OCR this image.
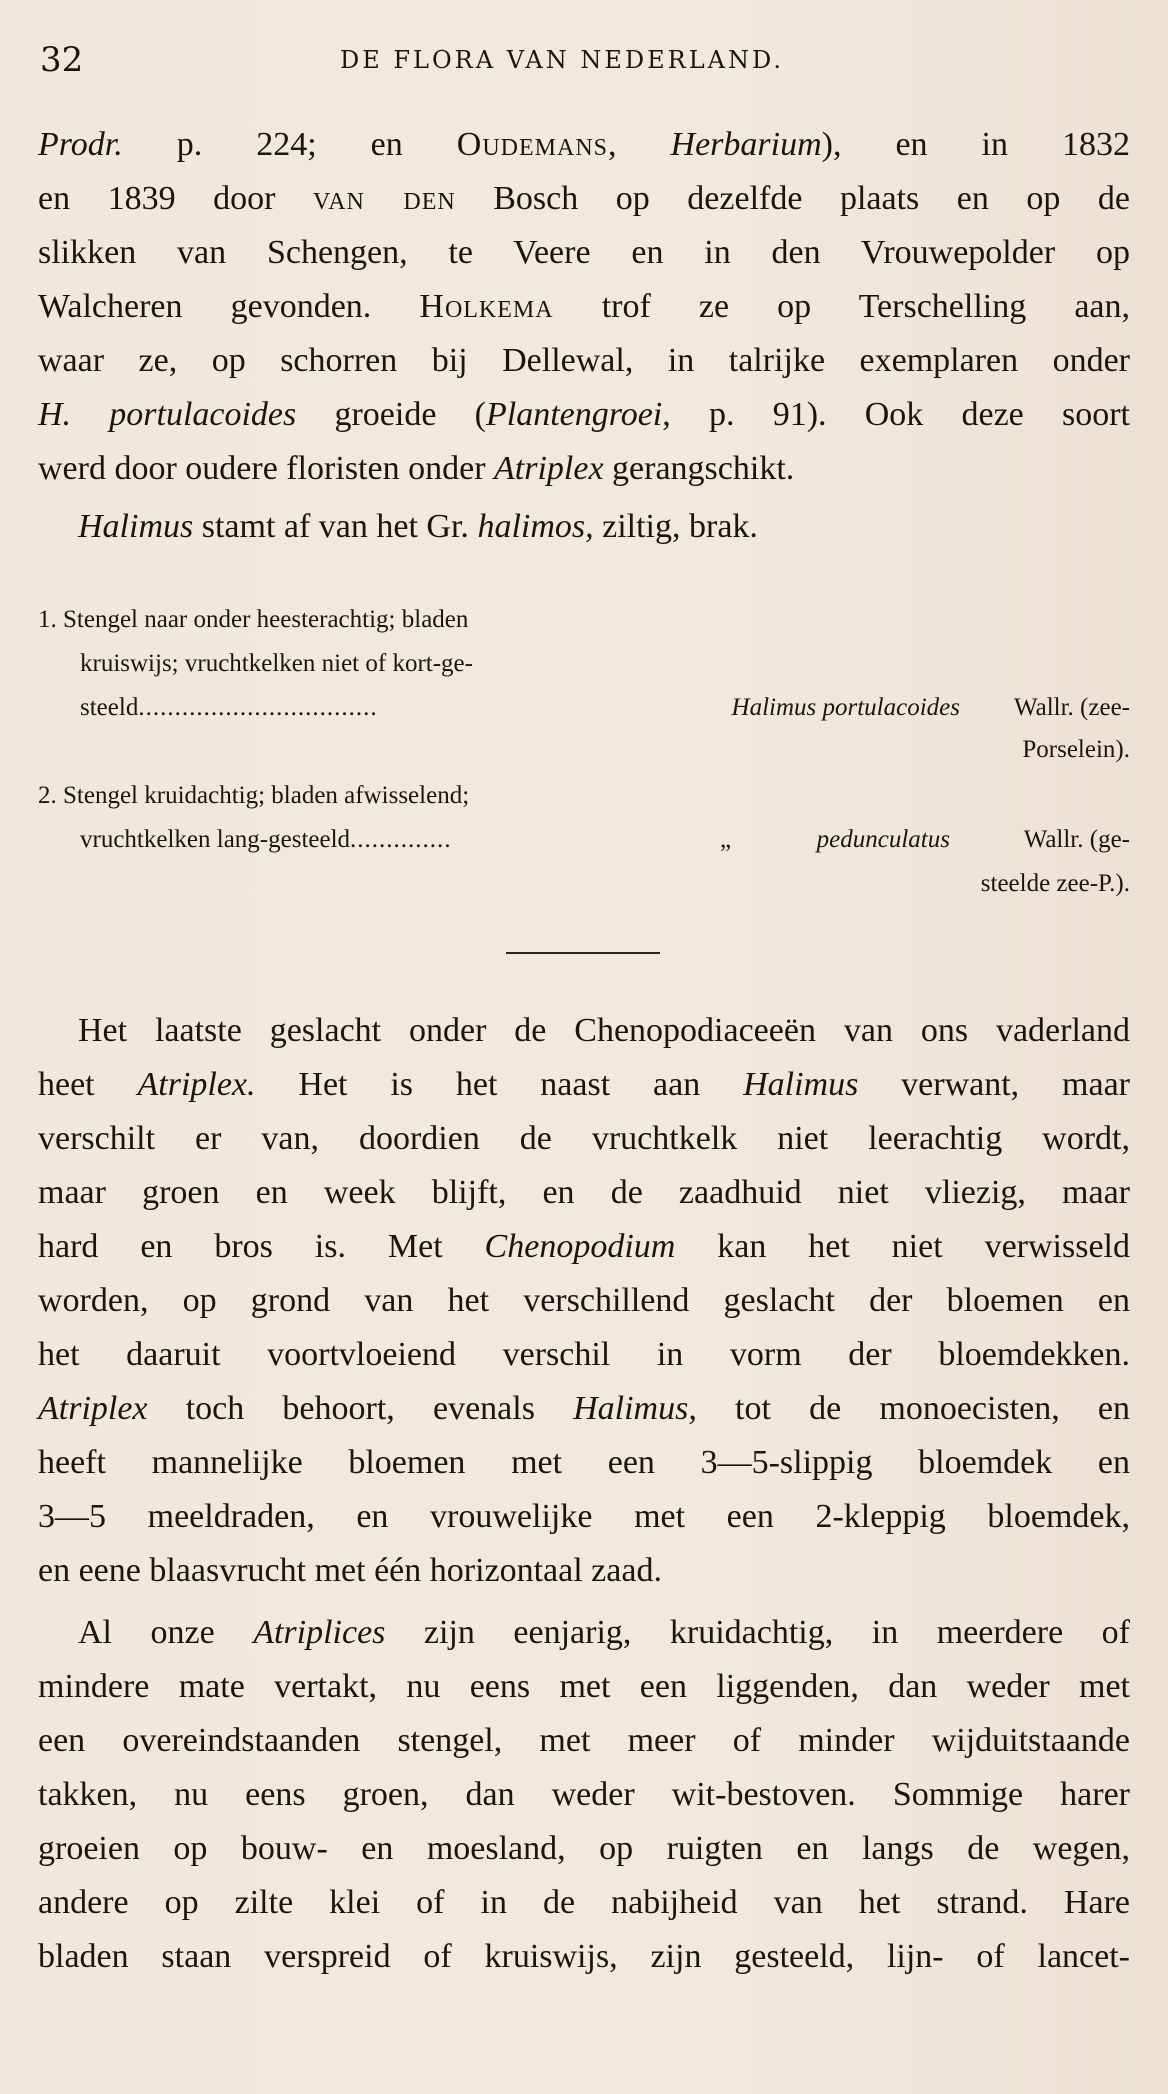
32	DE FLORA VAN NEDERLAND.
Prodr. p. 224; en Oudemans, Herbarium), en in 1832
en 1839 door van den Bosch op dezelfde plaats en op de
slikken van Schengen, te Veere en in den Vrouwepolder op
Walcheren gevonden. Holkema trof ze op Terschelling aan,
waar ze, op schorren bij Dellewal, in talrijke exemplaren onder
H. portulacoides groeide (Plantengroei, p. 91). Ook deze soort
werd door oudere floristen onder Atriplex gerangschikt.
Halimus stamt af van het Gr. halimos, ziltig, brak.
1. Stengel naar onder heesterachtig; bladen
kruiswijs; vruchtkelken niet of kort-ge-
steeld.................................	Halimus portulacoides Wallr. (zee-
Porselein).
2. Stengel kruidachtig; bladen afwisselend;
vruchtkelken lang-gesteeld..............	„	pedunculatus	Wallr. (ge-
steelde zee-P.).
Het laatste geslacht onder de Chenopodiaceeën van ons vaderland
heet Atriplex. Het is het naast aan Halimus verwant, maar
verschilt er van, doordien de vruchtkelk niet leerachtig wordt,
maar groen en week blijft, en de zaadhuid niet vliezig, maar
hard en bros is. Met Chenopodium kan het niet verwisseld
worden, op grond van het verschillend geslacht der bloemen en
het daaruit voortvloeiend verschil in vorm der bloemdekken.
Atriplex toch behoort, evenals Halimus, tot de monoecisten, en
heeft mannelijke bloemen met een 3—5-slippig bloemdek en
3—5 meeldraden, en vrouwelijke met een 2-kleppig bloemdek,
en eene blaasvrucht met één horizontaal zaad.
Al onze Atriplices zijn eenjarig, kruidachtig, in meerdere of
mindere mate vertakt, nu eens met een liggenden, dan weder met
een overeindstaanden stengel, met meer of minder wijduitstaande
takken, nu eens groen, dan weder wit-bestoven. Sommige harer
groeien op bouw- en moesland, op ruigten en langs de wegen,
andere op zilte klei of in de nabijheid van het strand. Hare
bladen staan verspreid of kruiswijs, zijn gesteeld, lijn- of lancet-
